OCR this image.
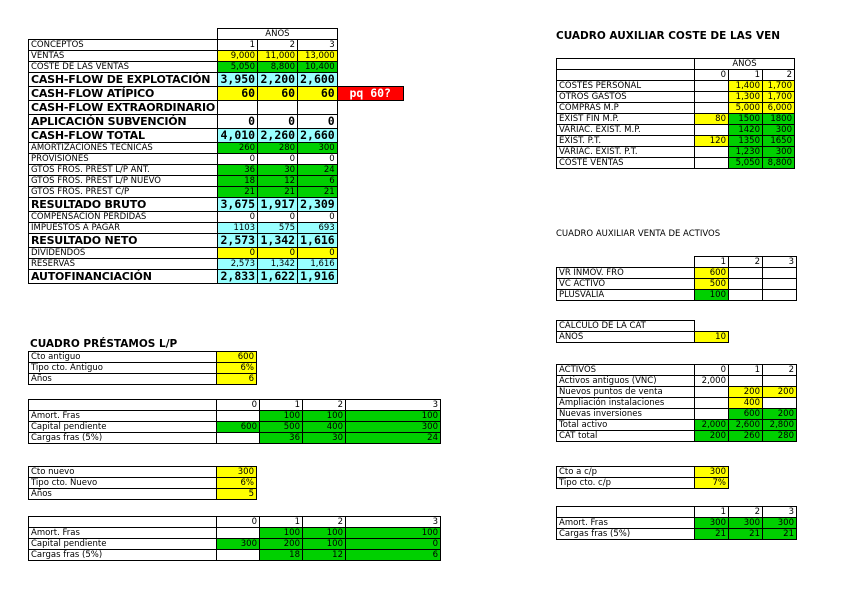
	AÑOS			
CONCEPTOS	1	2	3	
VENTAS	9,000	11,000	13,000	
COSTE DE LAS VENTAS	5,050	8,800	10,400	
CASH-FLOW DE EXPLOTACIÓN	3,950	2,200	2,600	
CASH-FLOW ATÍPICO	60	60	60	pq 60?
CASH-FLOW EXTRAORDINARIO				
APLICACIÓN SUBVENCIÓN	0	0	0	
CASH-FLOW TOTAL	4,010	2,260	2,660	
AMORTIZACIONES TECNICAS	260	280	300	
PROVISIONES	0	0	0	
GTOS FROS. PREST L/P ANT.	36	30	24	
GTOS FROS. PREST L/P NUEVO	18	12	6	
GTOS FROS. PREST C/P	21	21	21	
RESULTADO BRUTO	3,675	1,917	2,309	
COMPENSACIÓN PÉRDIDAS	0	0	0	
IMPUESTOS A PAGAR	1103	575	693	
RESULTADO NETO	2,573	1,342	1,616	
DIVIDENDOS	0	0	0	
RESERVAS	2,573	1,342	1,616	
AUTOFINANCIACIÓN	2,833	1,622	1,916	
CUADRO PRÉSTAMOS L/P
Cto antiguo	600
Tipo cto. Antiguo	6%
Años	6
	0	1	2	3
Amort. Fras		100	100	100
Capital pendiente	600	500	400	300
Cargas fras (5%)		36	30	24
Cto nuevo	300
Tipo cto. Nuevo	6%
Años	5
	0	1	2	3
Amort. Fras		100	100	100
Capital pendiente	300	200	100	0
Cargas fras (5%)		18	12	6
CUADRO AUXILIAR COSTE DE LAS VEN
	AÑOS		
	0	1	2
COSTES PERSONAL		1,400	1,700
OTROS GASTOS		1,300	1,700
COMPRAS M.P		5,000	6,000
EXIST FIN M.P.	80	1500	1800
VARIAC. EXIST. M.P.		1420	300
EXIST. P.T.	120	1350	1650
VARIAC. EXIST. P.T.		1,230	300
COSTE VENTAS		5,050	8,800
CUADRO AUXILIAR VENTA DE ACTIVOS
	1	2	3
VR INMOV. FRO	600		
VC ACTIVO	500		
PLUSVALIA	100		
CALCULO DE LA CAT	
AÑOS	10
ACTIVOS	0	1	2
Activos antiguos (VNC)	2,000		
Nuevos puntos de venta		200	200
Ampliación instalaciones		400	
Nuevas inversiones		600	200
Total activo	2,000	2,600	2,800
CAT total	200	260	280
Cto a c/p	300
Tipo cto. c/p	7%
	1	2	3
Amort. Fras	300	300	300
Cargas fras (5%)	21	21	21
